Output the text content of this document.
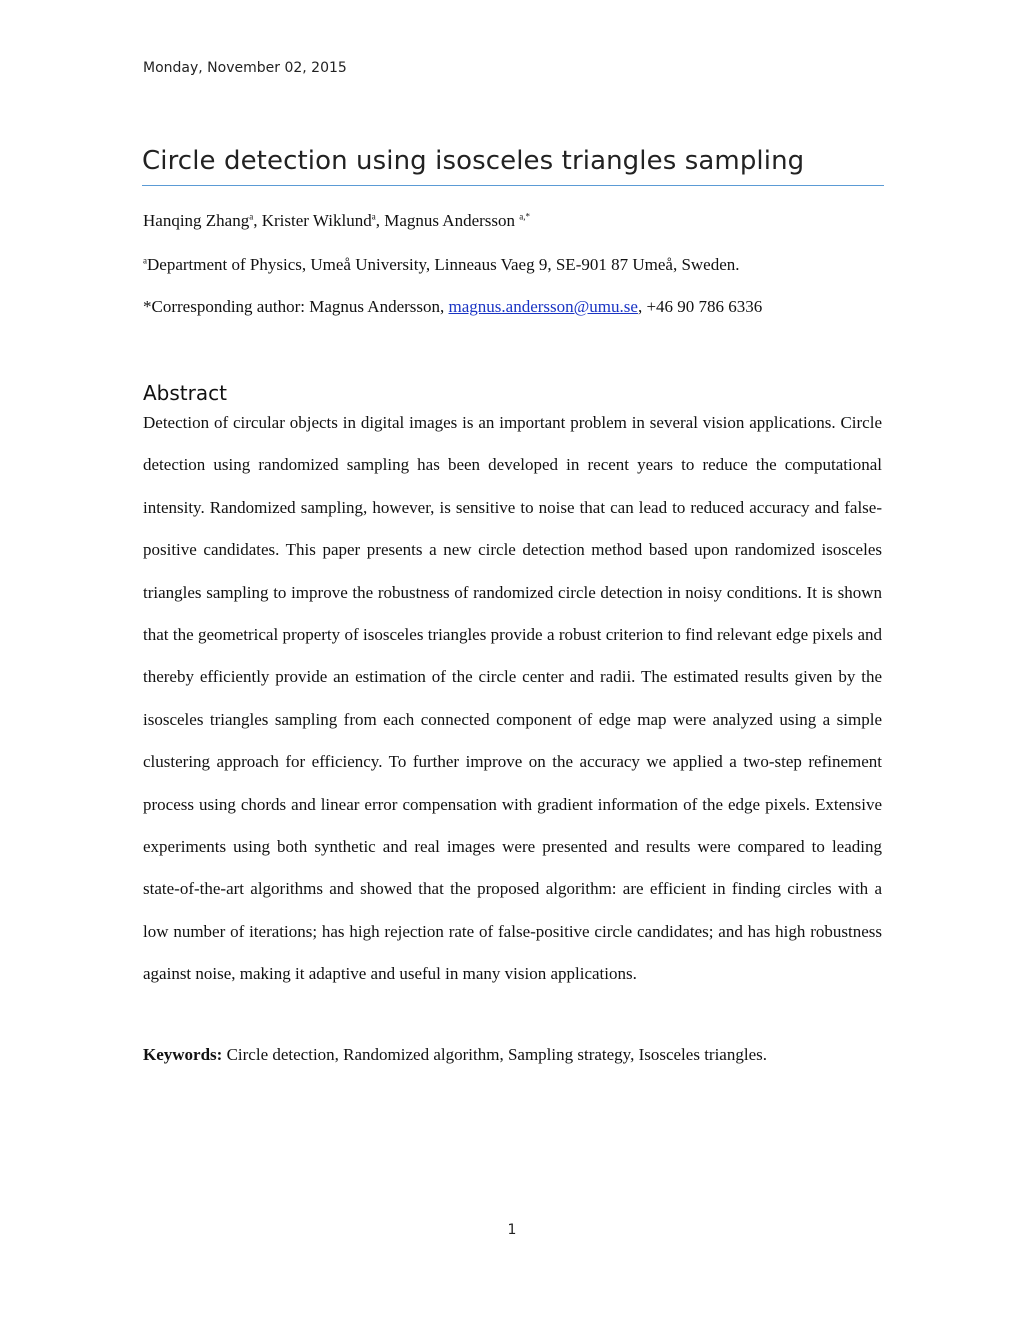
Monday, November 02, 2015
Circle detection using isosceles triangles sampling
Hanqing Zhang$^a$, Krister Wiklund$^a$, Magnus Andersson $^{a,*}$
$^a$Department of Physics, Umeå University, Linneaus Vaeg 9, SE-901 87 Umeå, Sweden.
*Corresponding author: Magnus Andersson, magnus.andersson@umu.se, +46 90 786 6336
Abstract

Detection of circular objects in digital images is an important problem in several vision applications. Circle detection using randomized sampling has been developed in recent years to reduce the computational intensity. Randomized sampling, however, is sensitive to noise that can lead to reduced accuracy and false-positive candidates. This paper presents a new circle detection method based upon randomized isosceles triangles sampling to improve the robustness of randomized circle detection in noisy conditions. It is shown that the geometrical property of isosceles triangles provide a robust criterion to find relevant edge pixels and thereby efficiently provide an estimation of the circle center and radii. The estimated results given by the isosceles triangles sampling from each connected component of edge map were analyzed using a simple clustering approach for efficiency. To further improve on the accuracy we applied a two-step refinement process using chords and linear error compensation with gradient information of the edge pixels. Extensive experiments using both synthetic and real images were presented and results were compared to leading state-of-the-art algorithms and showed that the proposed algorithm: are efficient in finding circles with a low number of iterations; has high rejection rate of false-positive circle candidates; and has high robustness against noise, making it adaptive and useful in many vision applications.

Keywords: Circle detection, Randomized algorithm, Sampling strategy, Isosceles triangles.

1
